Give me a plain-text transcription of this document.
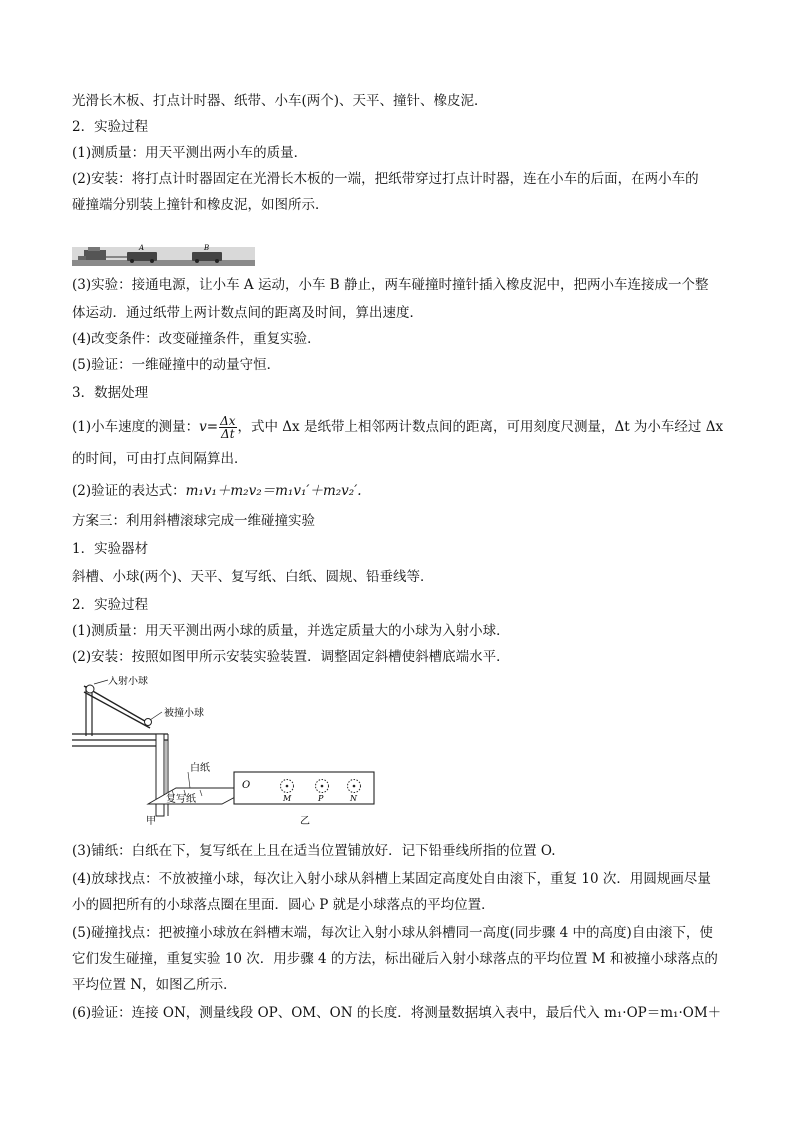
光滑长木板、打点计时器、纸带、小车(两个)、天平、撞针、橡皮泥．
2．实验过程
(1)测质量：用天平测出两小车的质量．
(2)安装：将打点计时器固定在光滑长木板的一端，把纸带穿过打点计时器，连在小车的后面，在两小车的
碰撞端分别装上撞针和橡皮泥，如图所示．
A	B
(3)实验：接通电源，让小车 A 运动，小车 B 静止，两车碰撞时撞针插入橡皮泥中，把两小车连接成一个整
体运动．通过纸带上两计数点间的距离及时间，算出速度．
(4)改变条件：改变碰撞条件，重复实验．
(5)验证：一维碰撞中的动量守恒．
3．数据处理
(1)小车速度的测量：$v= \frac{\Delta x}{\Delta t}$ ，式中 Δx 是纸带上相邻两计数点间的距离，可用刻度尺测量，Δt 为小车经过 Δx
的时间，可由打点间隔算出．
(2)验证的表达式：m₁v₁＋m₂v₂＝m₁v₁′＋m₂v₂′.
方案三：利用斜槽滚球完成一维碰撞实验
1．实验器材
斜槽、小球(两个)、天平、复写纸、白纸、圆规、铅垂线等．
2．实验过程
(1)测质量：用天平测出两小球的质量，并选定质量大的小球为入射小球．
(2)安装：按照如图甲所示安装实验装置．调整固定斜槽使斜槽底端水平．
入射小球
被撞小球
白纸
复写纸
甲
O
M	P	N
乙
(3)铺纸：白纸在下，复写纸在上且在适当位置铺放好．记下铅垂线所指的位置 O.
(4)放球找点：不放被撞小球，每次让入射小球从斜槽上某固定高度处自由滚下，重复 10 次．用圆规画尽量
小的圆把所有的小球落点圈在里面．圆心 P 就是小球落点的平均位置．
(5)碰撞找点：把被撞小球放在斜槽末端，每次让入射小球从斜槽同一高度(同步骤 4 中的高度)自由滚下，使
它们发生碰撞，重复实验 10 次．用步骤 4 的方法，标出碰后入射小球落点的平均位置 M 和被撞小球落点的
平均位置 N，如图乙所示．
(6)验证：连接 ON，测量线段 OP、OM、ON 的长度．将测量数据填入表中，最后代入 m₁·OP＝m₁·OM＋
